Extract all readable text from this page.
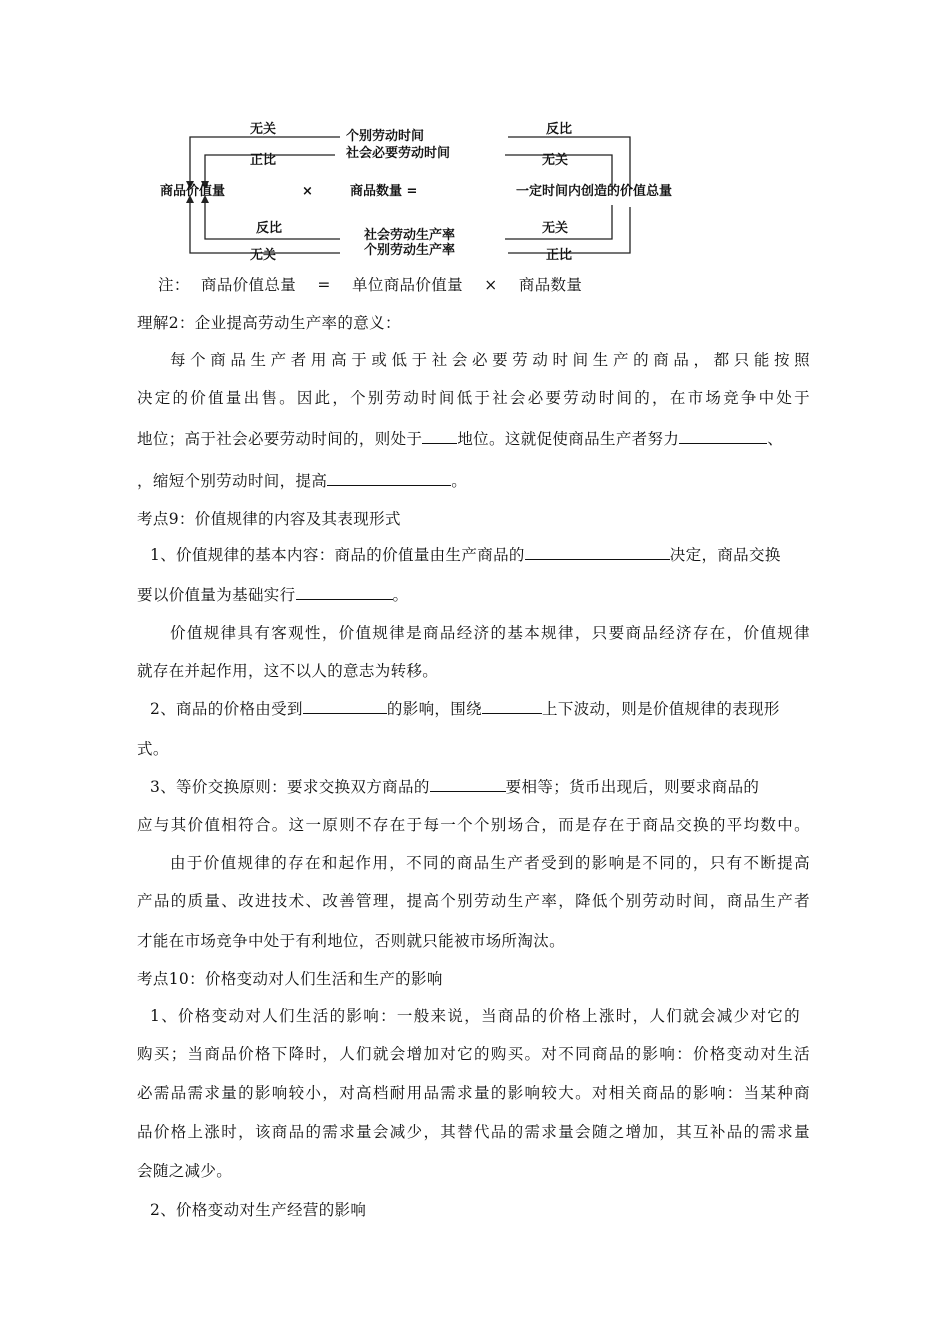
无关	个别劳动时间	反比
正比	社会必要劳动时间	无关
商品价值量	×	商品数量 =	一定时间内创造的价值总量
反比	社会劳动生产率	无关
无关	个别劳动生产率	正比
注： 商品价值总量 = 单位商品价值量 × 商品数量
理解2：企业提高劳动生产率的意义：
每个商品生产者用高于或低于社会必要劳动时间生产的商品，都只能按照
决定的价值量出售。因此，个别劳动时间低于社会必要劳动时间的，在市场竞争中处于
地位；高于社会必要劳动时间的，则处于 地位。这就促使商品生产者努力	、
，缩短个别劳动时间，提高	。
考点9：价值规律的内容及其表现形式
1、价值规律的基本内容：商品的价值量由生产商品的	决定，商品交换
要以价值量为基础实行	。
价值规律具有客观性，价值规律是商品经济的基本规律，只要商品经济存在，价值规律
就存在并起作用，这不以人的意志为转移。
2、商品的价格由受到	的影响，围绕	上下波动，则是价值规律的表现形
式。
3、等价交换原则：要求交换双方商品的	要相等；货币出现后，则要求商品的
应与其价值相符合。这一原则不存在于每一个个别场合，而是存在于商品交换的平均数中。
由于价值规律的存在和起作用，不同的商品生产者受到的影响是不同的，只有不断提高
产品的质量、改进技术、改善管理，提高个别劳动生产率，降低个别劳动时间，商品生产者
才能在市场竞争中处于有利地位，否则就只能被市场所淘汰。
考点10：价格变动对人们生活和生产的影响
1、价格变动对人们生活的影响：一般来说，当商品的价格上涨时，人们就会减少对它的
购买；当商品价格下降时，人们就会增加对它的购买。对不同商品的影响：价格变动对生活
必需品需求量的影响较小，对高档耐用品需求量的影响较大。对相关商品的影响：当某种商
品价格上涨时，该商品的需求量会减少，其替代品的需求量会随之增加，其互补品的需求量
会随之减少。
2、价格变动对生产经营的影响
